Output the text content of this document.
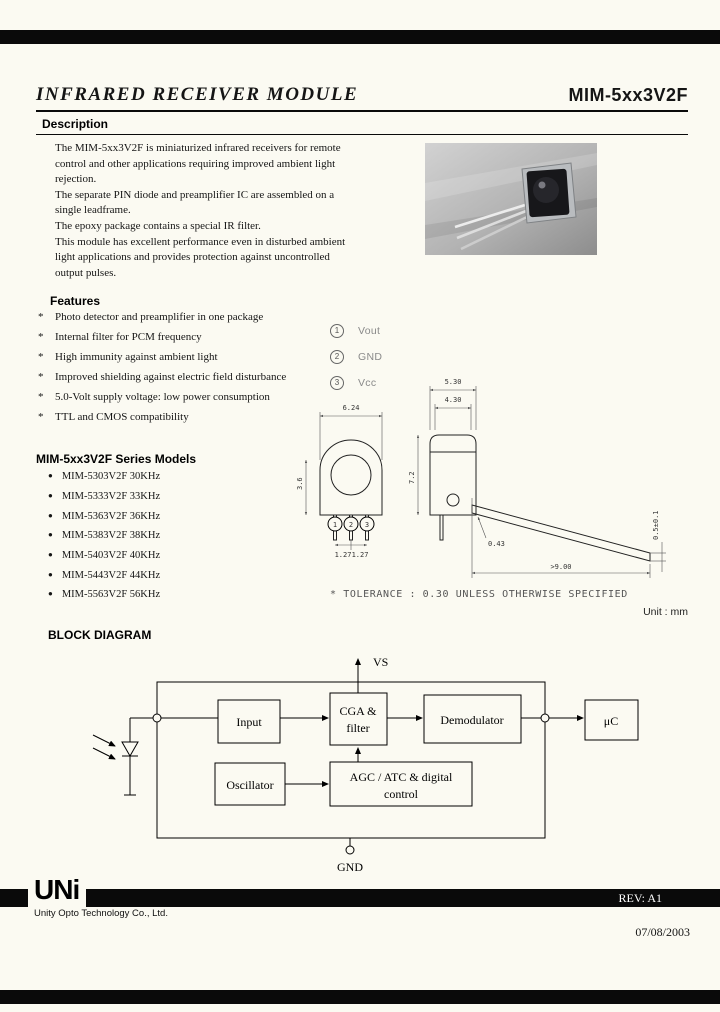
INFRARED RECEIVER MODULE	MIM-5xx3V2F
Description

The MIM-5xx3V2F is miniaturized infrared receivers for remote control and other applications requiring improved ambient light rejection.

The separate PIN diode and preamplifier IC are assembled on a single leadframe.

The epoxy package contains a special IR filter.

This module has excellent performance even in disturbed ambient light applications and provides protection against uncontrolled output pulses.

Features
*	Photo detector and preamplifier in one package
*	Internal filter for PCM frequency
*	High immunity against ambient light
*	Improved shielding against electric field disturbance
*	5.0-Volt supply voltage: low power consumption
*	TTL and CMOS compatibility
1	Vout
2	GND
3	Vcc
6.24
3.6
1 2 3
1.27 1.27
5.30
4.30
7.2
0.43
>9.00
0.5±0.1
* TOLERANCE : 0.30 UNLESS OTHERWISE SPECIFIED
Unit : mm
MIM-5xx3V2F Series Models
● MIM-5303V2F 30KHz
● MIM-5333V2F 33KHz
● MIM-5363V2F 36KHz
● MIM-5383V2F 38KHz
● MIM-5403V2F 40KHz
● MIM-5443V2F 44KHz
● MIM-5563V2F 56KHz
BLOCK DIAGRAM
VS
Input
CGA &
filter
Demodulator	μC
Oscillator
AGC / ATC & digital
control
GND
REV: A1
UNi
Unity Opto Technology Co., Ltd.
07/08/2003
